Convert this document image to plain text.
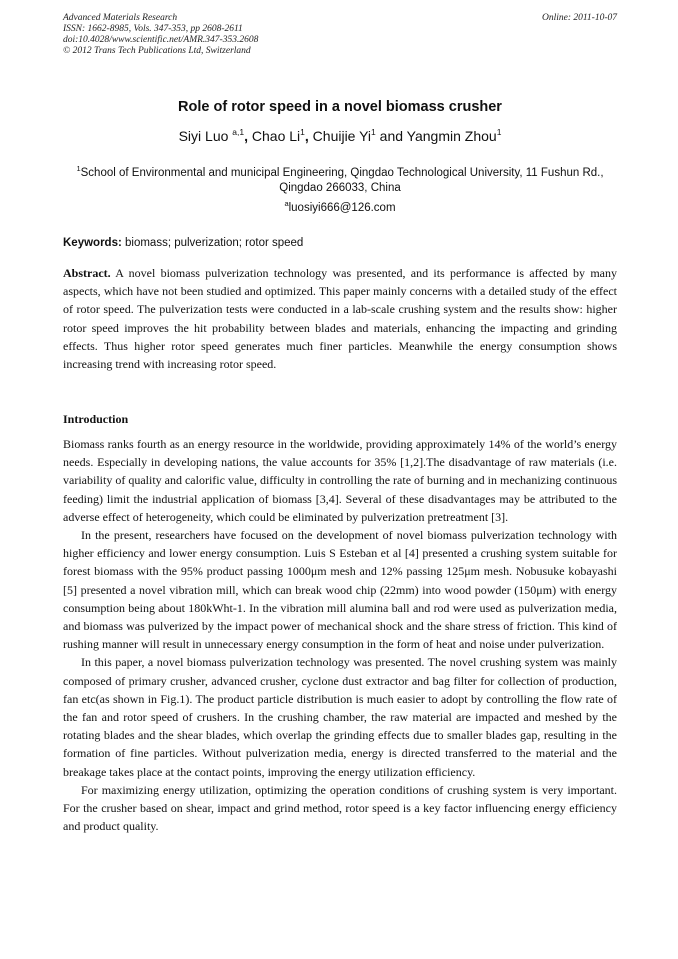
Advanced Materials Research
ISSN: 1662-8985, Vols. 347-353, pp 2608-2611
doi:10.4028/www.scientific.net/AMR.347-353.2608
© 2012 Trans Tech Publications Ltd, Switzerland
Online: 2011-10-07
Role of rotor speed in a novel biomass crusher
Siyi Luo $^{a,1}$, Chao Li$^1$, Chuijie Yi$^1$ and Yangmin Zhou$^1$
$^1$School of Environmental and municipal Engineering, Qingdao Technological University, 11 Fushun Rd., Qingdao 266033, China
$^a$luosiyi666@126.com
Keywords: biomass; pulverization; rotor speed
Abstract. A novel biomass pulverization technology was presented, and its performance is affected by many aspects, which have not been studied and optimized. This paper mainly concerns with a detailed study of the effect of rotor speed. The pulverization tests were conducted in a lab-scale crushing system and the results show: higher rotor speed improves the hit probability between blades and materials, enhancing the impacting and grinding effects. Thus higher rotor speed generates much finer particles. Meanwhile the energy consumption shows increasing trend with increasing rotor speed.
Introduction

Biomass ranks fourth as an energy resource in the worldwide, providing approximately 14% of the world’s energy needs. Especially in developing nations, the value accounts for 35% [1,2].The disadvantage of raw materials (i.e. variability of quality and calorific value, difficulty in controlling the rate of burning and in mechanizing continuous feeding) limit the industrial application of biomass [3,4]. Several of these disadvantages may be attributed to the adverse effect of heterogeneity, which could be eliminated by pulverization pretreatment [3].

In the present, researchers have focused on the development of novel biomass pulverization technology with higher efficiency and lower energy consumption. Luis S Esteban et al [4] presented a crushing system suitable for forest biomass with the 95% product passing 1000μm mesh and 12% passing 125μm mesh. Nobusuke kobayashi [5] presented a novel vibration mill, which can break wood chip (22mm) into wood powder (150μm) with energy consumption being about 180kWht-1. In the vibration mill alumina ball and rod were used as pulverization media, and biomass was pulverized by the impact power of mechanical shock and the share stress of friction. This kind of rushing manner will result in unnecessary energy consumption in the form of heat and noise under pulverization.

In this paper, a novel biomass pulverization technology was presented. The novel crushing system was mainly composed of primary crusher, advanced crusher, cyclone dust extractor and bag filter for collection of production, fan etc(as shown in Fig.1). The product particle distribution is much easier to adopt by controlling the flow rate of the fan and rotor speed of crushers. In the crushing chamber, the raw material are impacted and meshed by the rotating blades and the shear blades, which overlap the grinding effects due to smaller blades gap, resulting in the formation of fine particles. Without pulverization media, energy is directed transferred to the material and the breakage takes place at the contact points, improving the energy utilization efficiency.

For maximizing energy utilization, optimizing the operation conditions of crushing system is very important. For the crusher based on shear, impact and grind method, rotor speed is a key factor influencing energy efficiency and product quality.
